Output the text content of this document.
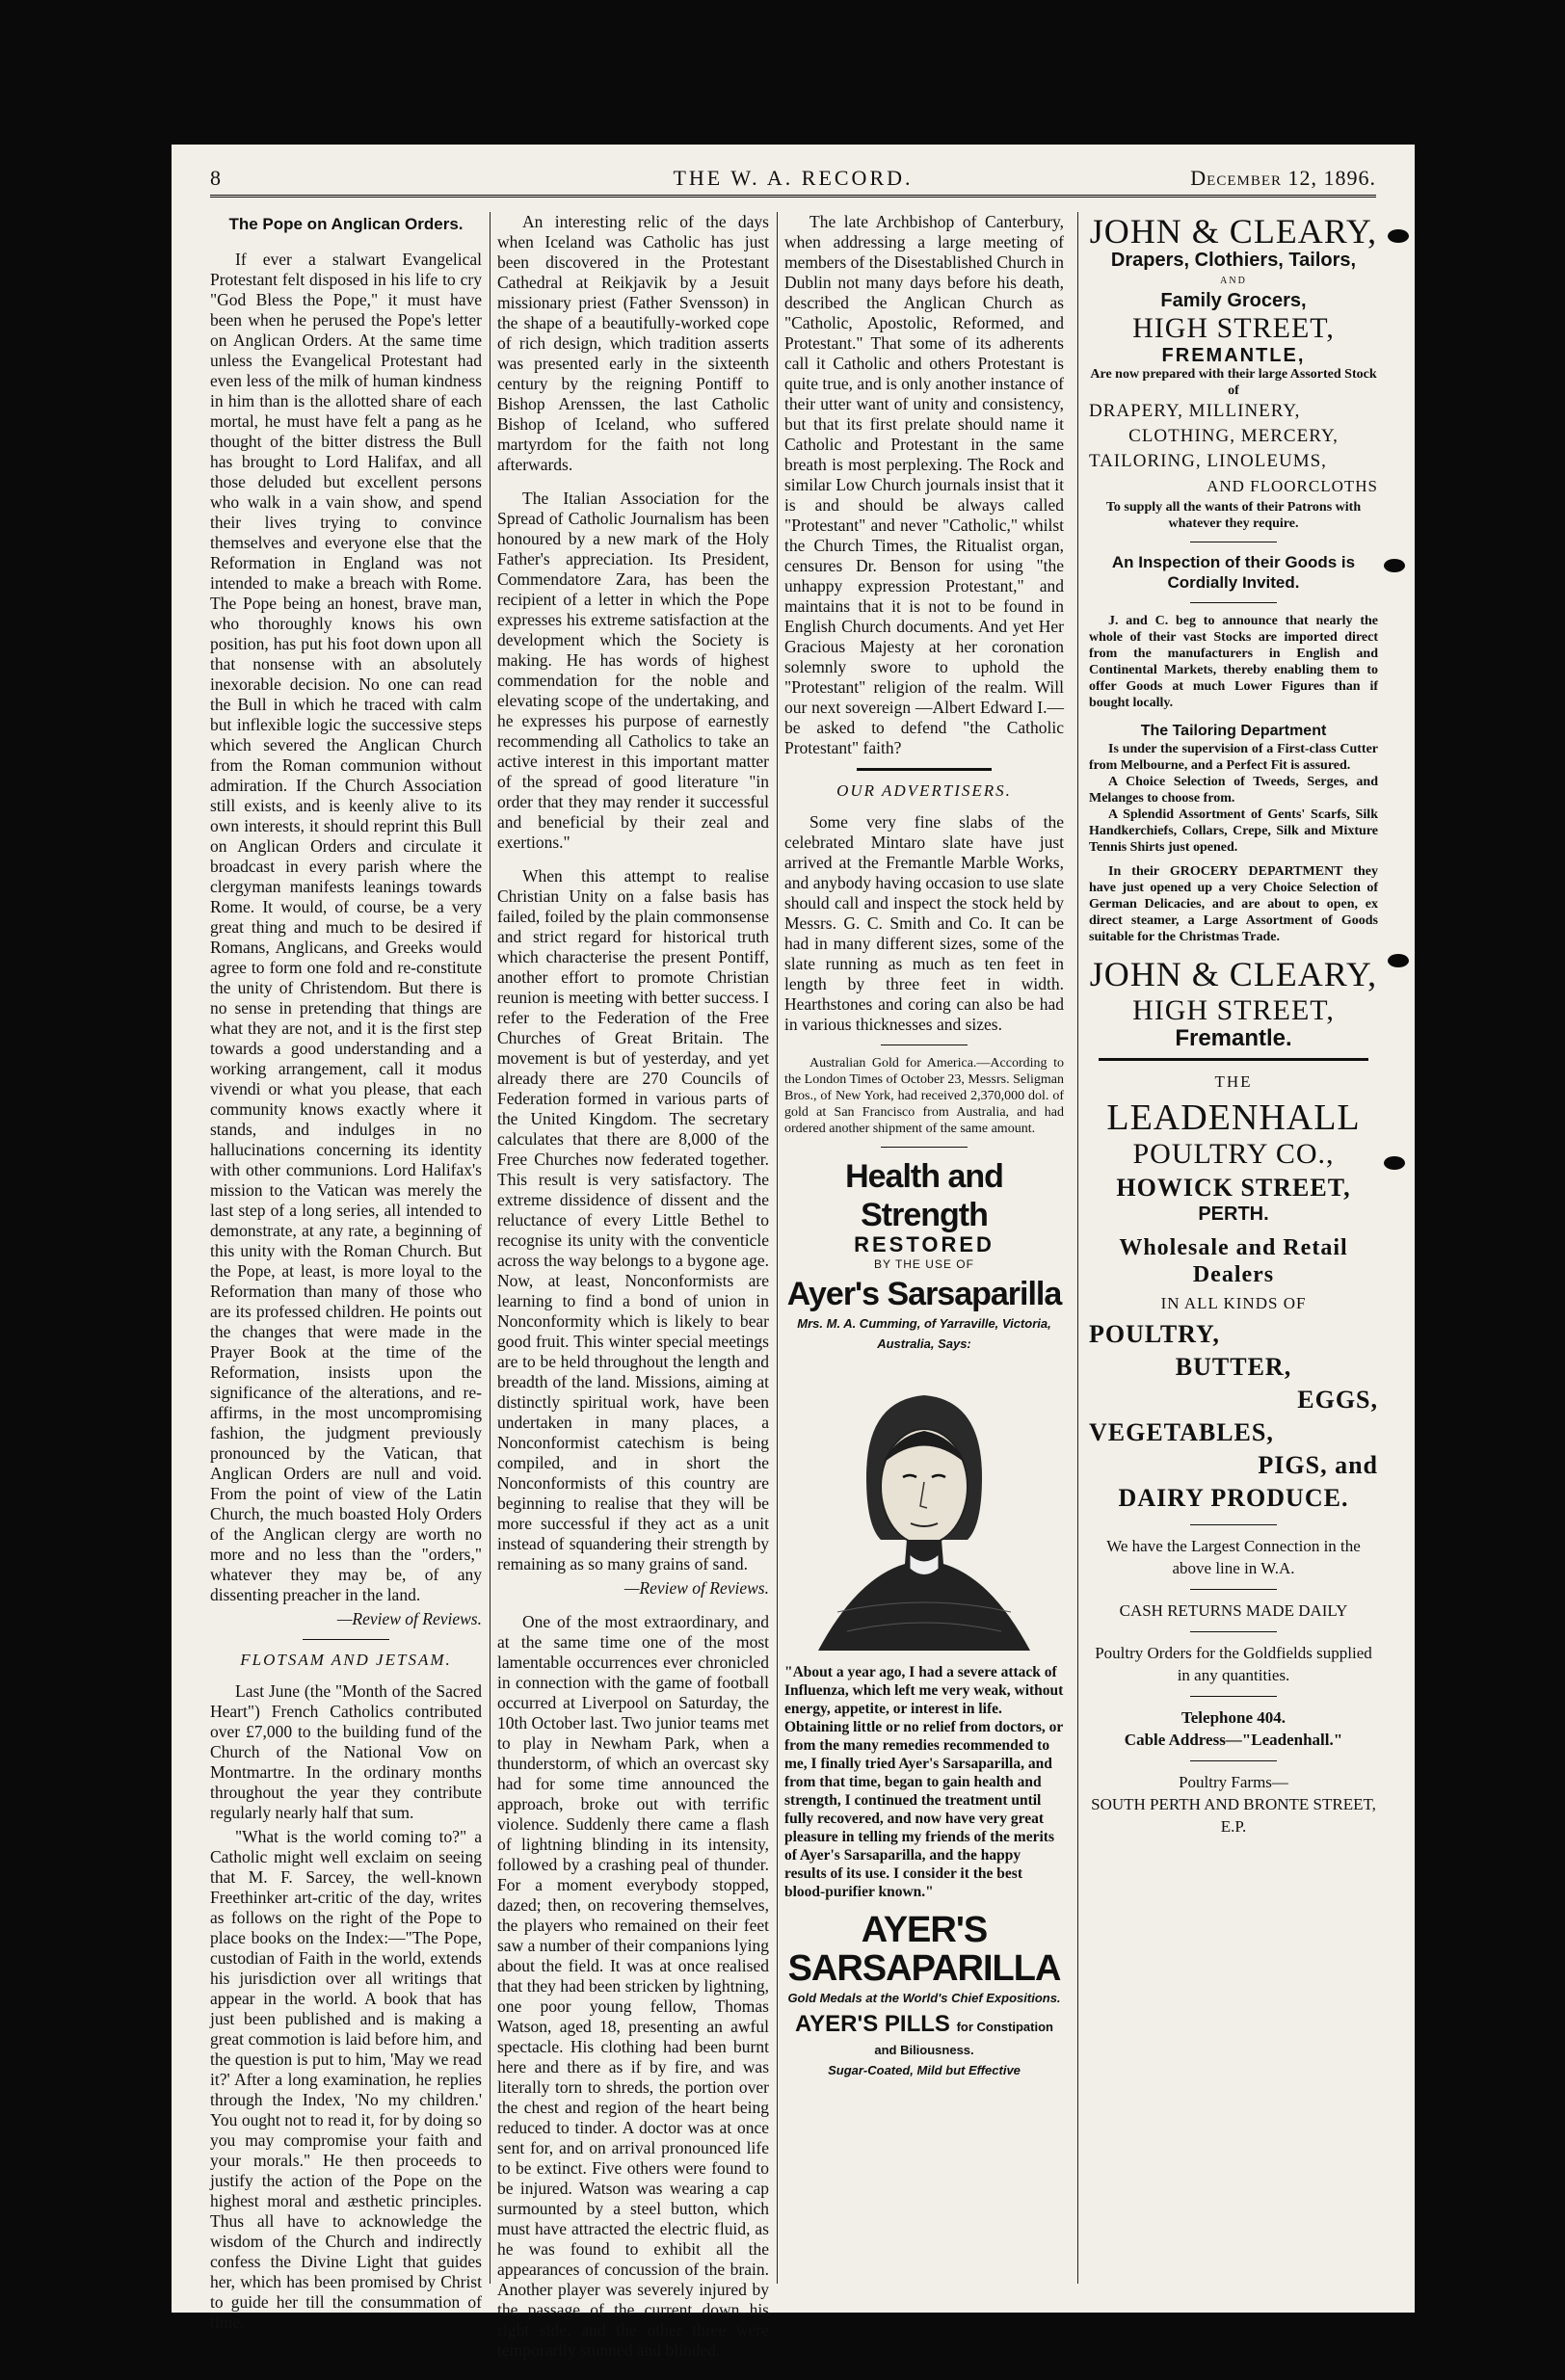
8	THE W. A. RECORD.	December 12, 1896.
The Pope on Anglican Orders.

If ever a stalwart Evangelical Protestant felt disposed in his life to cry "God Bless the Pope," it must have been when he perused the Pope's letter on Anglican Orders. At the same time unless the Evangelical Protestant had even less of the milk of human kindness in him than is the allotted share of each mortal, he must have felt a pang as he thought of the bitter distress the Bull has brought to Lord Halifax, and all those deluded but excellent persons who walk in a vain show, and spend their lives trying to convince themselves and everyone else that the Reformation in England was not intended to make a breach with Rome. The Pope being an honest, brave man, who thoroughly knows his own position, has put his foot down upon all that nonsense with an absolutely inexorable decision. No one can read the Bull in which he traced with calm but inflexible logic the successive steps which severed the Anglican Church from the Roman communion without admiration. If the Church Association still exists, and is keenly alive to its own interests, it should reprint this Bull on Anglican Orders and circulate it broadcast in every parish where the clergyman manifests leanings towards Rome. It would, of course, be a very great thing and much to be desired if Romans, Anglicans, and Greeks would agree to form one fold and re-constitute the unity of Christendom. But there is no sense in pretending that things are what they are not, and it is the first step towards a good understanding and a working arrangement, call it modus vivendi or what you please, that each community knows exactly where it stands, and indulges in no hallucinations concerning its identity with other communions. Lord Halifax's mission to the Vatican was merely the last step of a long series, all intended to demonstrate, at any rate, a beginning of this unity with the Roman Church. But the Pope, at least, is more loyal to the Reformation than many of those who are its professed children. He points out the changes that were made in the Prayer Book at the time of the Reformation, insists upon the significance of the alterations, and re-affirms, in the most uncompromising fashion, the judgment previously pronounced by the Vatican, that Anglican Orders are null and void. From the point of view of the Latin Church, the much boasted Holy Orders of the Anglican clergy are worth no more and no less than the "orders," whatever they may be, of any dissenting preacher in the land.

—Review of Reviews.
FLOTSAM AND JETSAM.

Last June (the "Month of the Sacred Heart") French Catholics contributed over £7,000 to the building fund of the Church of the National Vow on Montmartre. In the ordinary months throughout the year they contribute regularly nearly half that sum.

"What is the world coming to?" a Catholic might well exclaim on seeing that M. F. Sarcey, the well-known Freethinker art-critic of the day, writes as follows on the right of the Pope to place books on the Index:—"The Pope, custodian of Faith in the world, extends his jurisdiction over all writings that appear in the world. A book that has just been published and is making a great commotion is laid before him, and the question is put to him, 'May we read it?' After a long examination, he replies through the Index, 'No my children.' You ought not to read it, for by doing so you may compromise your faith and your morals." He then proceeds to justify the action of the Pope on the highest moral and æsthetic principles. Thus all have to acknowledge the wisdom of the Church and indirectly confess the Divine Light that guides her, which has been promised by Christ to guide her till the consummation of time.

An interesting relic of the days when Iceland was Catholic has just been discovered in the Protestant Cathedral at Reikjavik by a Jesuit missionary priest (Father Svensson) in the shape of a beautifully-worked cope of rich design, which tradition asserts was presented early in the sixteenth century by the reigning Pontiff to Bishop Arenssen, the last Catholic Bishop of Iceland, who suffered martyrdom for the faith not long afterwards.

The Italian Association for the Spread of Catholic Journalism has been honoured by a new mark of the Holy Father's appreciation. Its President, Commendatore Zara, has been the recipient of a letter in which the Pope expresses his extreme satisfaction at the development which the Society is making. He has words of highest commendation for the noble and elevating scope of the undertaking, and he expresses his purpose of earnestly recommending all Catholics to take an active interest in this important matter of the spread of good literature "in order that they may render it successful and beneficial by their zeal and exertions."

When this attempt to realise Christian Unity on a false basis has failed, foiled by the plain commonsense and strict regard for historical truth which characterise the present Pontiff, another effort to promote Christian reunion is meeting with better success. I refer to the Federation of the Free Churches of Great Britain. The movement is but of yesterday, and yet already there are 270 Councils of Federation formed in various parts of the United Kingdom. The secretary calculates that there are 8,000 of the Free Churches now federated together. This result is very satisfactory. The extreme dissidence of dissent and the reluctance of every Little Bethel to recognise its unity with the conventicle across the way belongs to a bygone age. Now, at least, Nonconformists are learning to find a bond of union in Nonconformity which is likely to bear good fruit. This winter special meetings are to be held throughout the length and breadth of the land. Missions, aiming at distinctly spiritual work, have been undertaken in many places, a Nonconformist catechism is being compiled, and in short the Nonconformists of this country are beginning to realise that they will be more successful if they act as a unit instead of squandering their strength by remaining as so many grains of sand.

—Review of Reviews.

One of the most extraordinary, and at the same time one of the most lamentable occurrences ever chronicled in connection with the game of football occurred at Liverpool on Saturday, the 10th October last. Two junior teams met to play in Newham Park, when a thunderstorm, of which an overcast sky had for some time announced the approach, broke out with terrific violence. Suddenly there came a flash of lightning blinding in its intensity, followed by a crashing peal of thunder. For a moment everybody stopped, dazed; then, on recovering themselves, the players who remained on their feet saw a number of their companions lying about the field. It was at once realised that they had been stricken by lightning, one poor young fellow, Thomas Watson, aged 18, presenting an awful spectacle. His clothing had been burnt here and there as if by fire, and was literally torn to shreds, the portion over the chest and region of the heart being reduced to tinder. A doctor was at once sent for, and on arrival pronounced life to be extinct. Five others were found to be injured. Watson was wearing a cap surmounted by a steel button, which must have attracted the electric fluid, as he was found to exhibit all the appearances of concussion of the brain. Another player was severely injured by the passage of the current down his right side, and the other three were temporarily stunned and blinded.

The late Archbishop of Canterbury, when addressing a large meeting of members of the Disestablished Church in Dublin not many days before his death, described the Anglican Church as "Catholic, Apostolic, Reformed, and Protestant." That some of its adherents call it Catholic and others Protestant is quite true, and is only another instance of their utter want of unity and consistency, but that its first prelate should name it Catholic and Protestant in the same breath is most perplexing. The Rock and similar Low Church journals insist that it is and should be always called "Protestant" and never "Catholic," whilst the Church Times, the Ritualist organ, censures Dr. Benson for using "the unhappy expression Protestant," and maintains that it is not to be found in English Church documents. And yet Her Gracious Majesty at her coronation solemnly swore to uphold the "Protestant" religion of the realm. Will our next sovereign —Albert Edward I.—be asked to defend "the Catholic Protestant" faith?

OUR ADVERTISERS.

Some very fine slabs of the celebrated Mintaro slate have just arrived at the Fremantle Marble Works, and anybody having occasion to use slate should call and inspect the stock held by Messrs. G. C. Smith and Co. It can be had in many different sizes, some of the slate running as much as ten feet in length by three feet in width. Hearthstones and coring can also be had in various thicknesses and sizes.

Australian Gold for America.—According to the London Times of October 23, Messrs. Seligman Bros., of New York, had received 2,370,000 dol. of gold at San Francisco from Australia, and had ordered another shipment of the same amount.

Health and Strength
RESTORED
BY THE USE OF
Ayer's Sarsaparilla
Mrs. M. A. Cumming, of Yarraville, Victoria, Australia, Says:
"About a year ago, I had a severe attack of Influenza, which left me very weak, without energy, appetite, or interest in life. Obtaining little or no relief from doctors, or from the many remedies recommended to me, I finally tried Ayer's Sarsaparilla, and from that time, began to gain health and strength, I continued the treatment until fully recovered, and now have very great pleasure in telling my friends of the merits of Ayer's Sarsaparilla, and the happy results of its use. I consider it the best blood-purifier known."
AYER'S
SARSAPARILLA
Gold Medals at the World's Chief Expositions.
AYER'S PILLS for Constipation and Biliousness.
Sugar-Coated, Mild but Effective
JOHN & CLEARY,
Drapers, Clothiers, Tailors,
AND
Family Grocers,
HIGH STREET,
FREMANTLE,
Are now prepared with their large Assorted Stock of
DRAPERY, MILLINERY,
CLOTHING, MERCERY,
TAILORING, LINOLEUMS,
AND FLOORCLOTHS
To supply all the wants of their Patrons with whatever they require.
An Inspection of their Goods is Cordially Invited.
J. and C. beg to announce that nearly the whole of their vast Stocks are imported direct from the manufacturers in English and Continental Markets, thereby enabling them to offer Goods at much Lower Figures than if bought locally.
The Tailoring Department
Is under the supervision of a First-class Cutter from Melbourne, and a Perfect Fit is assured.
A Choice Selection of Tweeds, Serges, and Melanges to choose from.
A Splendid Assortment of Gents' Scarfs, Silk Handkerchiefs, Collars, Crepe, Silk and Mixture Tennis Shirts just opened.
In their GROCERY DEPARTMENT they have just opened up a very Choice Selection of German Delicacies, and are about to open, ex direct steamer, a Large Assortment of Goods suitable for the Christmas Trade.
JOHN & CLEARY,
HIGH STREET,
Fremantle.
THE
LEADENHALL
POULTRY CO.,
HOWICK STREET,
PERTH.
Wholesale and Retail Dealers
IN ALL KINDS OF
POULTRY,
BUTTER,
EGGS,
VEGETABLES,
PIGS, and
DAIRY PRODUCE.
We have the Largest Connection in the above line in W.A.
CASH RETURNS MADE DAILY
Poultry Orders for the Goldfields supplied in any quantities.
Telephone 404.
Cable Address—"Leadenhall."
Poultry Farms—
SOUTH PERTH AND BRONTE STREET, E.P.
